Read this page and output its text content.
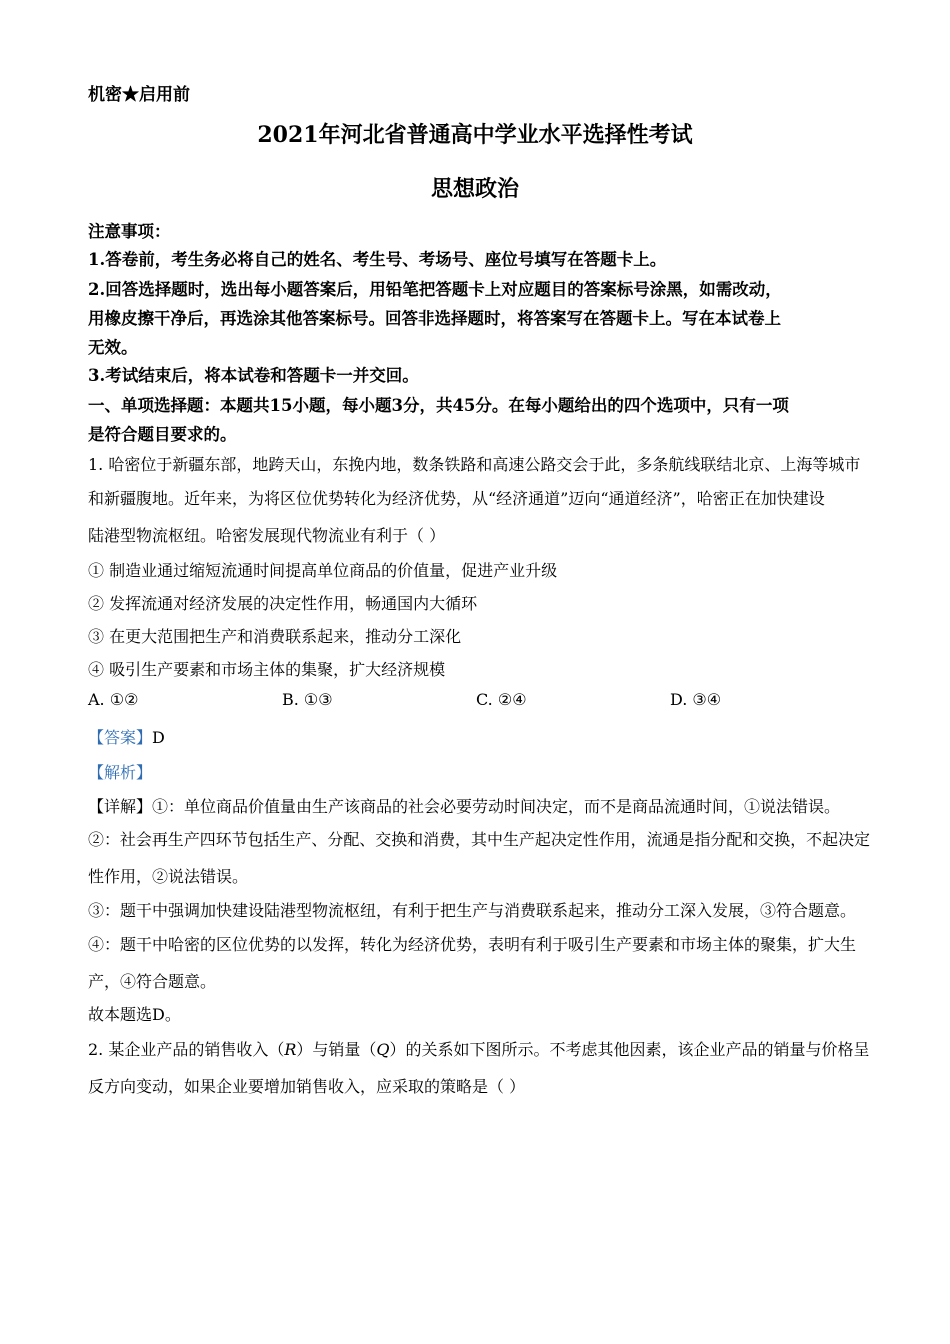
机密★启用前
2021年河北省普通高中学业水平选择性考试
思想政治
注意事项：
1.答卷前，考生务必将自己的姓名、考生号、考场号、座位号填写在答题卡上。
2.回答选择题时，选出每小题答案后，用铅笔把答题卡上对应题目的答案标号涂黑，如需改动，
用橡皮擦干净后，再选涂其他答案标号。回答非选择题时，将答案写在答题卡上。写在本试卷上
无效。
3.考试结束后，将本试卷和答题卡一并交回。
一、单项选择题：本题共15小题，每小题3分，共45分。在每小题给出的四个选项中，只有一项
是符合题目要求的。
1. 哈密位于新疆东部，地跨天山，东挽内地，数条铁路和高速公路交会于此，多条航线联结北京、上海等城市
和新疆腹地。近年来，为将区位优势转化为经济优势，从“经济通道”迈向“通道经济”，哈密正在加快建设
陆港型物流枢纽。哈密发展现代物流业有利于（ ）
① 制造业通过缩短流通时间提高单位商品的价值量，促进产业升级
② 发挥流通对经济发展的决定性作用，畅通国内大循环
③ 在更大范围把生产和消费联系起来，推动分工深化
④ 吸引生产要素和市场主体的集聚，扩大经济规模
A. ①②	B. ①③	C. ②④	D. ③④
【答案】D
【解析】
【详解】①：单位商品价值量由生产该商品的社会必要劳动时间决定，而不是商品流通时间，①说法错误。
②：社会再生产四环节包括生产、分配、交换和消费，其中生产起决定性作用，流通是指分配和交换，不起决定
性作用，②说法错误。
③：题干中强调加快建设陆港型物流枢纽，有利于把生产与消费联系起来，推动分工深入发展，③符合题意。
④：题干中哈密的区位优势的以发挥，转化为经济优势，表明有利于吸引生产要素和市场主体的聚集，扩大生
产，④符合题意。
故本题选D。
2. 某企业产品的销售收入（R）与销量（Q）的关系如下图所示。不考虑其他因素，该企业产品的销量与价格呈
反方向变动，如果企业要增加销售收入，应采取的策略是（ ）
